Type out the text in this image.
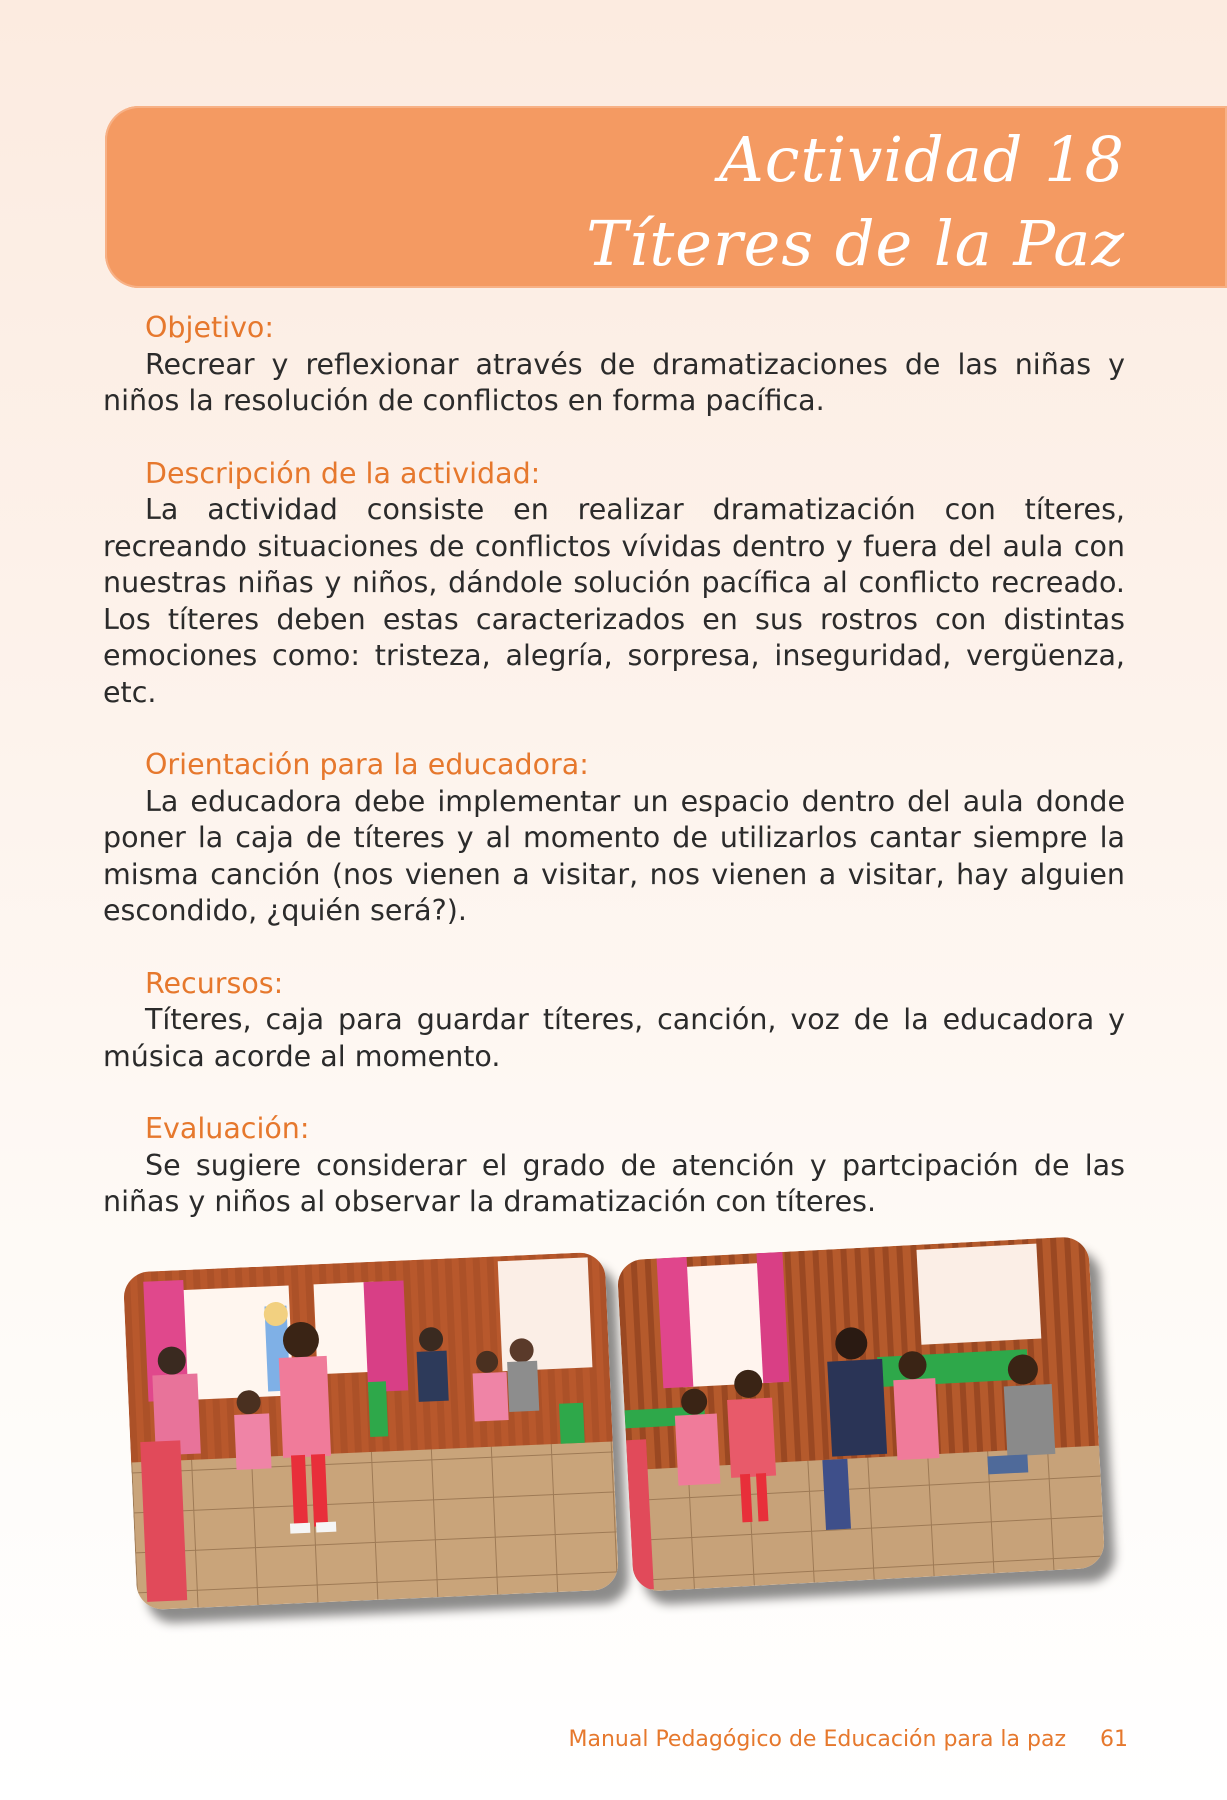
Actividad 18
Títeres de la Paz
Objetivo:
Recrear y reflexionar através de dramatizaciones de las niñas y niños la resolución de conflictos en forma pacífica.
Descripción de la actividad:
La actividad consiste en realizar dramatización con títeres, recreando situaciones de conflictos vívidas dentro y fuera del aula con nuestras niñas y niños, dándole solución pacífica al conflicto recreado. Los títeres deben estas caracterizados en sus rostros con distintas emociones como: tristeza, alegría, sorpresa, inseguridad, vergüenza, etc.
Orientación para la educadora:
La educadora debe implementar un espacio dentro del aula donde poner la caja de títeres y al momento de utilizarlos cantar siempre la misma canción (nos vienen a visitar, nos vienen a visitar, hay alguien escondido, ¿quién será?).
Recursos:
Títeres, caja para guardar títeres, canción, voz de la educadora y música acorde al momento.
Evaluación:
Se sugiere considerar el grado de atención y partcipación de las niñas y niños al observar la dramatización con títeres.
Manual Pedagógico de Educación para la paz 61
